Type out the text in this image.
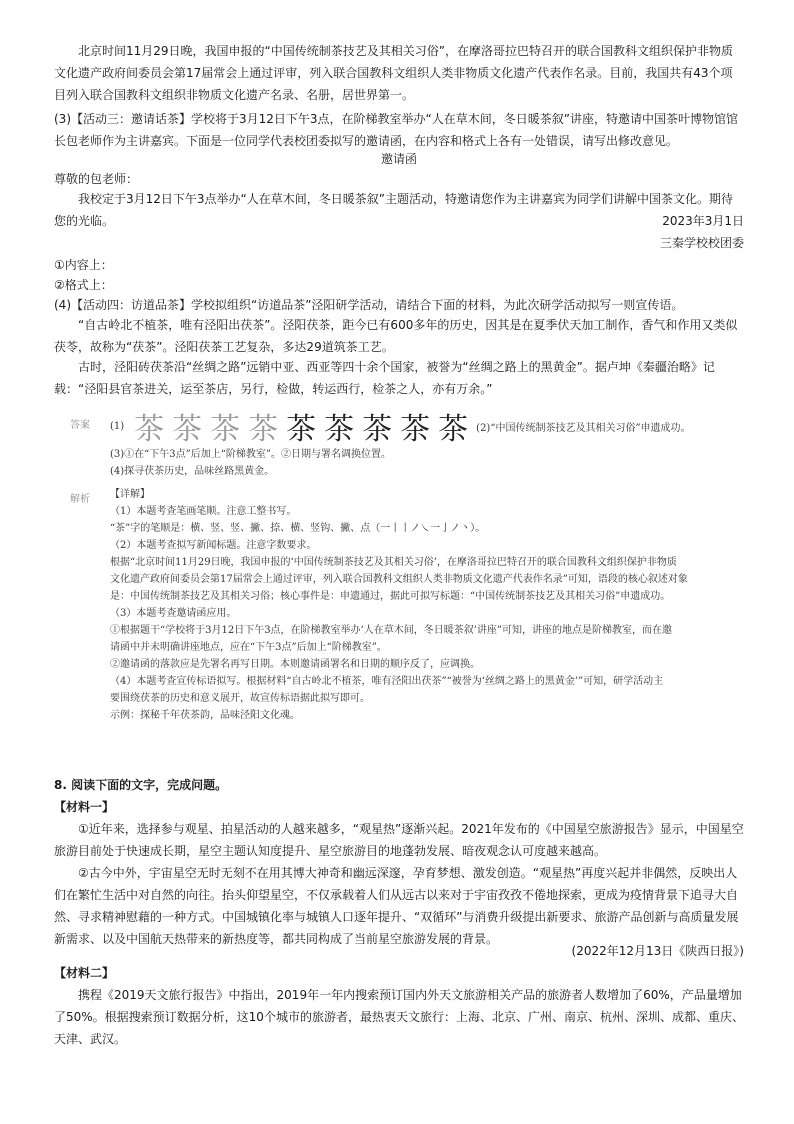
北京时间11月29日晚，我国申报的“中国传统制茶技艺及其相关习俗”，在摩洛哥拉巴特召开的联合国教科文组织保护非物质文化遗产政府间委员会第17届常会上通过评审，列入联合国教科文组织人类非物质文化遗产代表作名录。目前，我国共有43个项目列入联合国教科文组织非物质文化遗产名录、名册，居世界第一。

(3)【活动三：邀请话茶】学校将于3月12日下午3点，在阶梯教室举办“人在草木间，冬日暖茶叙”讲座，特邀请中国茶叶博物馆馆长包老师作为主讲嘉宾。下面是一位同学代表校团委拟写的邀请函，在内容和格式上各有一处错误，请写出修改意见。

邀请函

尊敬的包老师：

我校定于3月12日下午3点举办“人在草木间，冬日暖茶叙”主题活动，特邀请您作为主讲嘉宾为同学们讲解中国茶文化。期待您的光临。	2023年3月1日

三秦学校校团委

①内容上：

②格式上：

(4)【活动四：访道品茶】学校拟组织“访道品茶”泾阳研学活动，请结合下面的材料，为此次研学活动拟写一则宣传语。

“自古岭北不植茶，唯有泾阳出茯茶”。泾阳茯茶，距今已有600多年的历史，因其是在夏季伏天加工制作，香气和作用又类似茯苓，故称为“茯茶”。泾阳茯茶工艺复杂，多达29道筑茶工艺。

古时，泾阳砖茯茶沿“丝绸之路”远销中亚、西亚等四十余个国家，被誉为“丝绸之路上的黑黄金”。据卢坤《秦疆治略》记载：“泾阳县官茶进关，运至茶店，另行，检做，转运西行，检茶之人，亦有万余。”

答案 (1) 茶 茶 茶 茶 茶 茶 茶 茶 茶 (2)“中国传统制茶技艺及其相关习俗”申遗成功。

(3)①在“下午3点”后加上“阶梯教室”。②日期与署名调换位置。

(4)探寻茯茶历史，品味丝路黑黄金。

解析 【详解】
（1）本题考查笔画笔顺。注意工整书写。
“茶”字的笔顺是：横、竖、竖、撇、捺、横、竖钩、撇、点（一丨丨ノ㇏一亅ノ丶）。
（2）本题考查拟写新闻标题。注意字数要求。
根据“北京时间11月29日晚，我国申报的‘中国传统制茶技艺及其相关习俗’，在摩洛哥拉巴特召开的联合国教科文组织保护非物质
文化遗产政府间委员会第17届常会上通过评审，列入联合国教科文组织人类非物质文化遗产代表作名录”可知，语段的核心叙述对象
是：中国传统制茶技艺及其相关习俗；核心事件是：申遗通过，据此可拟写标题：“中国传统制茶技艺及其相关习俗”申遗成功。
（3）本题考查邀请函应用。
①根据题干“学校将于3月12日下午3点，在阶梯教室举办‘人在草木间，冬日暖茶叙’讲座”可知，讲座的地点是阶梯教室，而在邀
请函中并未明确讲座地点，应在“下午3点”后加上“阶梯教室”。
②邀请函的落款应是先署名再写日期。本则邀请函署名和日期的顺序反了，应调换。
（4）本题考查宣传标语拟写。根据材料“自古岭北不植茶，唯有泾阳出茯茶”“被誉为‘丝绸之路上的黑黄金’”可知，研学活动主
要围绕茯茶的历史和意义展开，故宣传标语据此拟写即可。
示例：探秘千年茯茶韵，品味泾阳文化魂。

8. 阅读下面的文字，完成问题。

【材料一】

①近年来，选择参与观星、拍星活动的人越来越多，“观星热”逐渐兴起。2021年发布的《中国星空旅游报告》显示，中国星空旅游目前处于快速成长期，星空主题认知度提升、星空旅游目的地蓬勃发展、暗夜观念认可度越来越高。

②古今中外，宇宙星空无时无刻不在用其博大神奇和幽远深邃，孕育梦想、激发创造。“观星热”再度兴起并非偶然，反映出人们在繁忙生活中对自然的向往。抬头仰望星空，不仅承载着人们从远古以来对于宇宙孜孜不倦地探索，更成为疫情背景下追寻大自然、寻求精神慰藉的一种方式。中国城镇化率与城镇人口逐年提升、“双循环”与消费升级提出新要求、旅游产品创新与高质量发展新需求、以及中国航天热带来的新热度等，都共同构成了当前星空旅游发展的背景。

(2022年12月13日《陕西日报》)

【材料二】

携程《2019天文旅行报告》中指出，2019年一年内搜索预订国内外天文旅游相关产品的旅游者人数增加了60%，产品量增加了50%。根据搜索预订数据分析，这10个城市的旅游者，最热衷天文旅行：上海、北京、广州、南京、杭州、深圳、成都、重庆、天津、武汉。
